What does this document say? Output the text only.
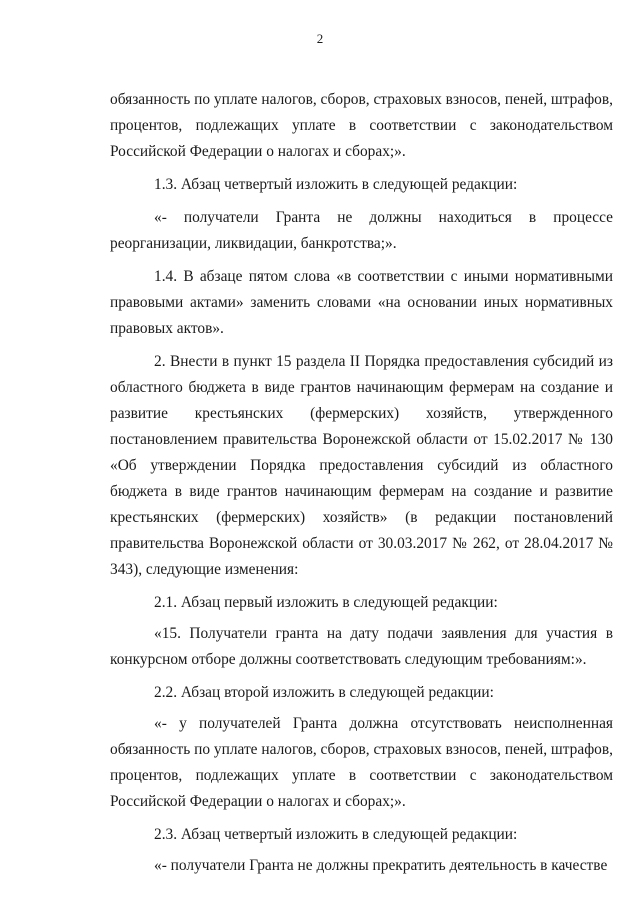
2

обязанность по уплате налогов, сборов, страховых взносов, пеней, штрафов, процентов, подлежащих уплате в соответствии с законодательством Российской Федерации о налогах и сборах;».

1.3. Абзац четвертый изложить в следующей редакции:

«- получатели Гранта не должны находиться в процессе реорганизации, ликвидации, банкротства;».

1.4. В абзаце пятом слова «в соответствии с иными нормативными правовыми актами» заменить словами «на основании иных нормативных правовых актов».

2. Внести в пункт 15 раздела II Порядка предоставления субсидий из областного бюджета в виде грантов начинающим фермерам на создание и развитие крестьянских (фермерских) хозяйств, утвержденного постановлением правительства Воронежской области от 15.02.2017 № 130 «Об утверждении Порядка предоставления субсидий из областного бюджета в виде грантов начинающим фермерам на создание и развитие крестьянских (фермерских) хозяйств» (в редакции постановлений правительства Воронежской области от 30.03.2017 № 262, от 28.04.2017 № 343), следующие изменения:

2.1. Абзац первый изложить в следующей редакции:

«15. Получатели гранта на дату подачи заявления для участия в конкурсном отборе должны соответствовать следующим требованиям:».

2.2. Абзац второй изложить в следующей редакции:

«- у получателей Гранта должна отсутствовать неисполненная обязанность по уплате налогов, сборов, страховых взносов, пеней, штрафов, процентов, подлежащих уплате в соответствии с законодательством Российской Федерации о налогах и сборах;».

2.3. Абзац четвертый изложить в следующей редакции:

«- получатели Гранта не должны прекратить деятельность в качестве
